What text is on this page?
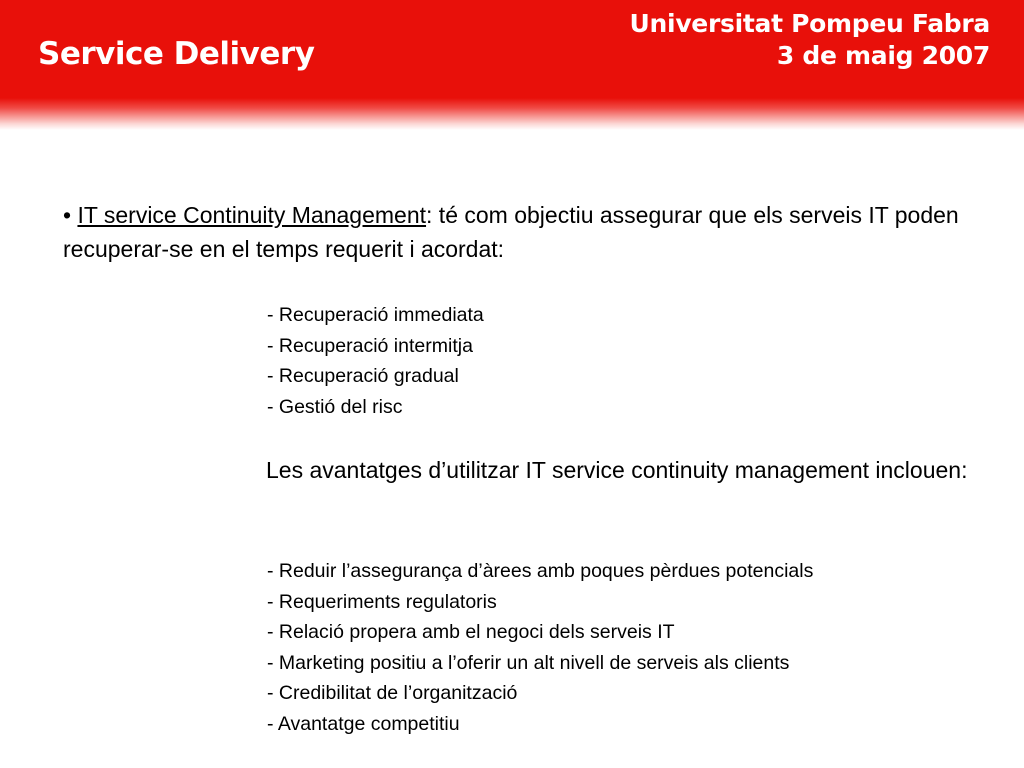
Service Delivery
Universitat Pompeu Fabra
3 de maig 2007

• IT service Continuity Management: té com objectiu assegurar que els serveis IT poden recuperar-se en el temps requerit i acordat:

- Recuperació immediata
- Recuperació intermitja
- Recuperació gradual
- Gestió del risc

Les avantatges d’utilitzar IT service continuity management inclouen:

- Reduir l’assegurança d’àrees amb poques pèrdues potencials
- Requeriments regulatoris
- Relació propera amb el negoci dels serveis IT
- Marketing positiu a l’oferir un alt nivell de serveis als clients
- Credibilitat de l’organització
- Avantatge competitiu
